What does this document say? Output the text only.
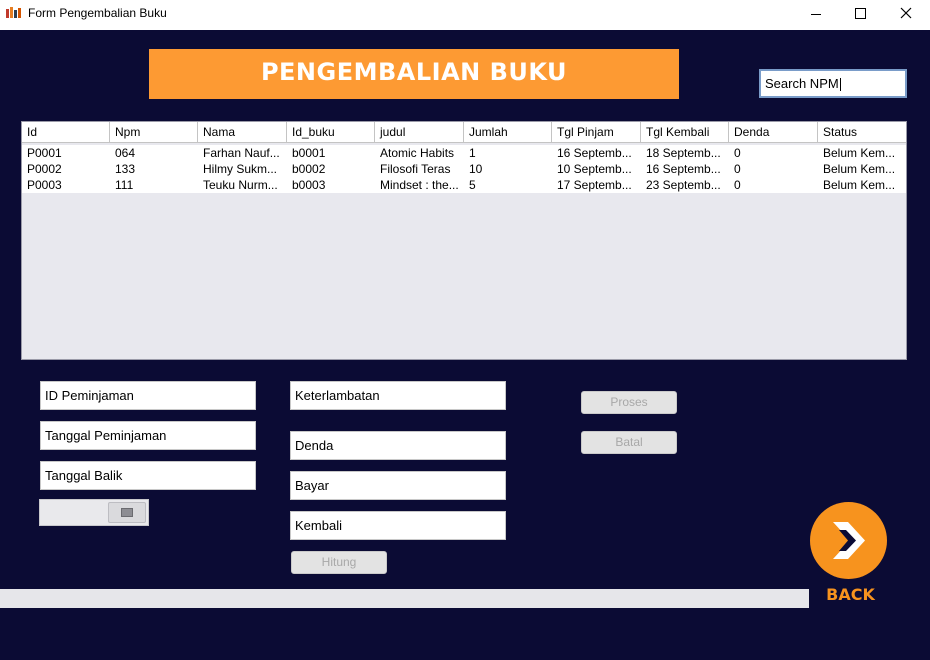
Form Pengembalian Buku
PENGEMBALIAN BUKU	Search NPM
Id	Npm	Nama	Id_buku	judul	Jumlah	Tgl Pinjam	Tgl Kembali	Denda	Status
P0001	064	Farhan Nauf...	b0001	Atomic Habits	1	16 Septemb...	18 Septemb...	0	Belum Kem...
P0002	133	Hilmy Sukm...	b0002	Filosofi Teras	10	10 Septemb...	16 Septemb...	0	Belum Kem...
P0003	111	Teuku Nurm...	b0003	Mindset : the... 5	17 Septemb...	23 Septemb...	0	Belum Kem...
ID Peminjaman
Tanggal Peminjaman
Tanggal Balik
Keterlambatan
Denda
Bayar
Kembali
Hitung
Proses
Batal
BACK
